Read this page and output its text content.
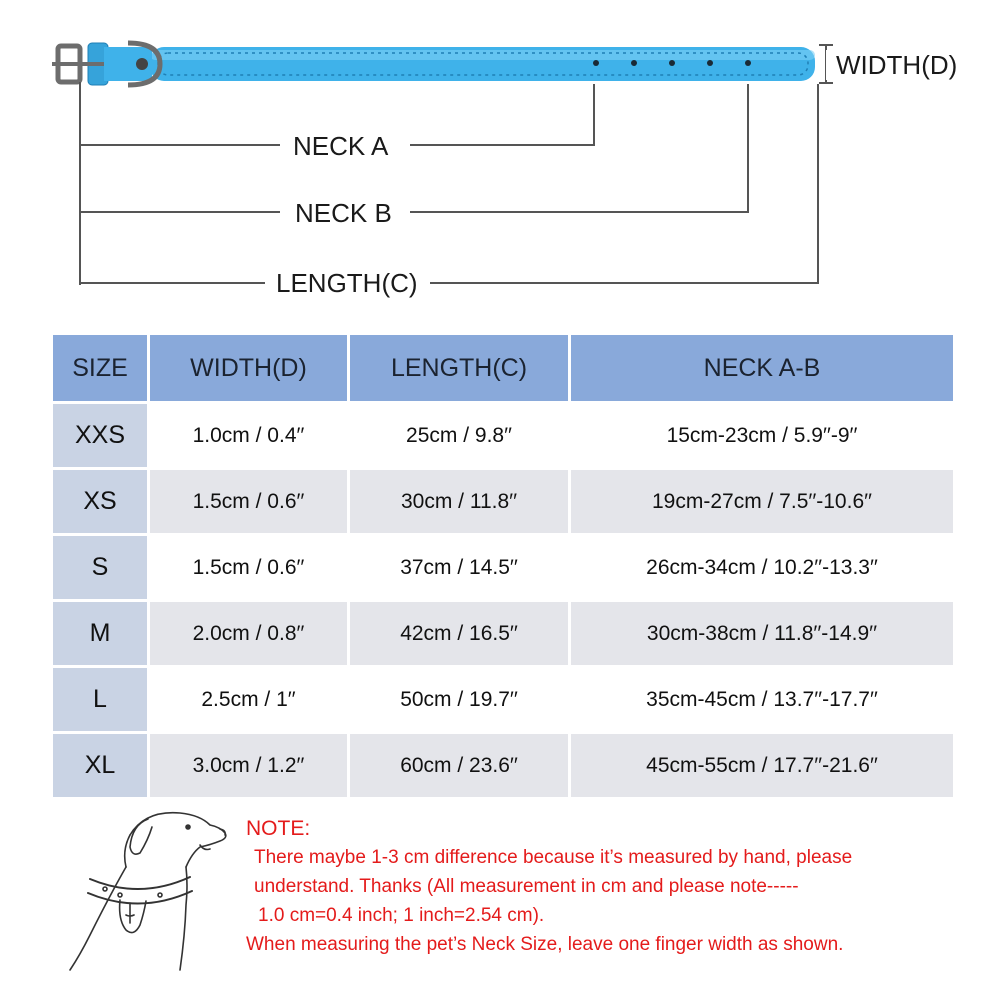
WIDTH(D)
NECK A
NECK B
LENGTH(C)
SIZE	WIDTH(D)	LENGTH(C)	NECK A-B
XXS	1.0cm / 0.4′′	25cm / 9.8′′	15cm-23cm / 5.9′′-9′′
XS	1.5cm / 0.6′′	30cm / 11.8′′	19cm-27cm / 7.5′′-10.6′′
S	1.5cm / 0.6′′	37cm / 14.5′′	26cm-34cm / 10.2′′-13.3′′
M	2.0cm / 0.8′′	42cm / 16.5′′	30cm-38cm / 11.8′′-14.9′′
L	2.5cm / 1′′	50cm / 19.7′′	35cm-45cm / 13.7′′-17.7′′
XL	3.0cm / 1.2′′	60cm / 23.6′′	45cm-55cm / 17.7′′-21.6′′
NOTE:
There maybe 1-3 cm difference because it’s measured by hand, please
understand. Thanks (All measurement in cm and please note-----
1.0 cm=0.4 inch; 1 inch=2.54 cm).
When measuring the pet’s Neck Size, leave one finger width as shown.
